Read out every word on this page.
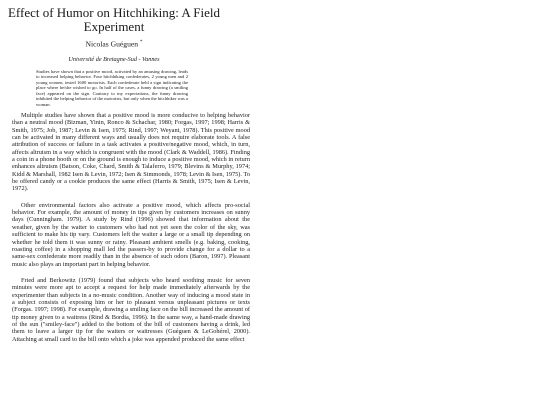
Effect of Humor on Hitchhiking: A Field Experiment
Nicolas Guéguen *
Université de Bretagne-Sud - Vannes
Studies have shown that a positive mood, activated by an amusing drawing, leads to increased helping behavior. Four hitchhiking confederates, 2 young men and 2 young women, tested 1600 motorists. Each confederate held a sign indicating the place where he/she wished to go. In half of the cases, a funny drawing (a smiling face) appeared on the sign. Contrary to my expectations, the funny drawing inhibited the helping behavior of the motorists, but only when the hitchhiker was a woman.

Multiple studies have shown that a positive mood is more conducive to helping behavior than a neutral mood (Bizman, Yinin, Ronco & Schachar, 1980; Forgas, 1997; 1998; Harris & Smith, 1975; Job, 1987; Levin & Isen, 1975; Rind, 1997; Weyant, 1978). This positive mood can be activated in many different ways and usually does not require elaborate tools. A false attribution of success or failure in a task activates a positive/negative mood, which, in turn, affects altruism in a way which is congruent with the mood (Clark & Waddell, 1986). Finding a coin in a phone booth or on the ground is enough to induce a positive mood, which in return enhances altruism (Batson, Coke, Chard, Smith & Talaferro, 1979; Blevins & Murphy, 1974; Kidd & Marshall, 1982 Isen & Levin, 1972; Isen & Simmonds, 1978; Levin & Isen, 1975). To be offered candy or a cookie produces the same effect (Harris & Smith, 1975; Isen & Levin, 1972).

Other environmental factors also activate a positive mood, which affects pro-social behavior. For example, the amount of money in tips given by customers increases on sunny days (Cunningham. 1979). A study by Rind (1996) showed that information about the weather, given by the waiter to customers who had not yet seen the color of the sky, was sufficient to make his tip vary. Customers left the waiter a large or a small tip depending on whether he told them it was sunny or rainy. Pleasant ambient smells (e.g. baking, cooking, roasting coffee) in a shopping mall led the passers-by to provide change for a dollar to a same-sex confederate more readily than in the absence of such odors (Baron, 1997). Pleasant music also plays an important part in helping behavior.

Fried and Berkowitz (1979) found that subjects who heard soothing music for seven minutes were more apt to accept a request for help made immediately afterwards by the experimenter than subjects in a no-music condition. Another way of inducing a mood state in a subject consists of exposing him or her to pleasant versus unpleasant pictures or texts (Forgas. 1997; 1998). For example, drawing a smiling face on the bill increased the amount of tip money given to a waitress (Rind & Bordia, 1996). In the same way, a hand-made drawing of the sun ("smiley-face") added to the bottom of the bill of customers having a drink, led them to leave a larger tip for the waiters or waitresses (Guéguen & LeGohérel, 2000). Attaching at small card to the bill onto which a joke was appended produced the same effect
